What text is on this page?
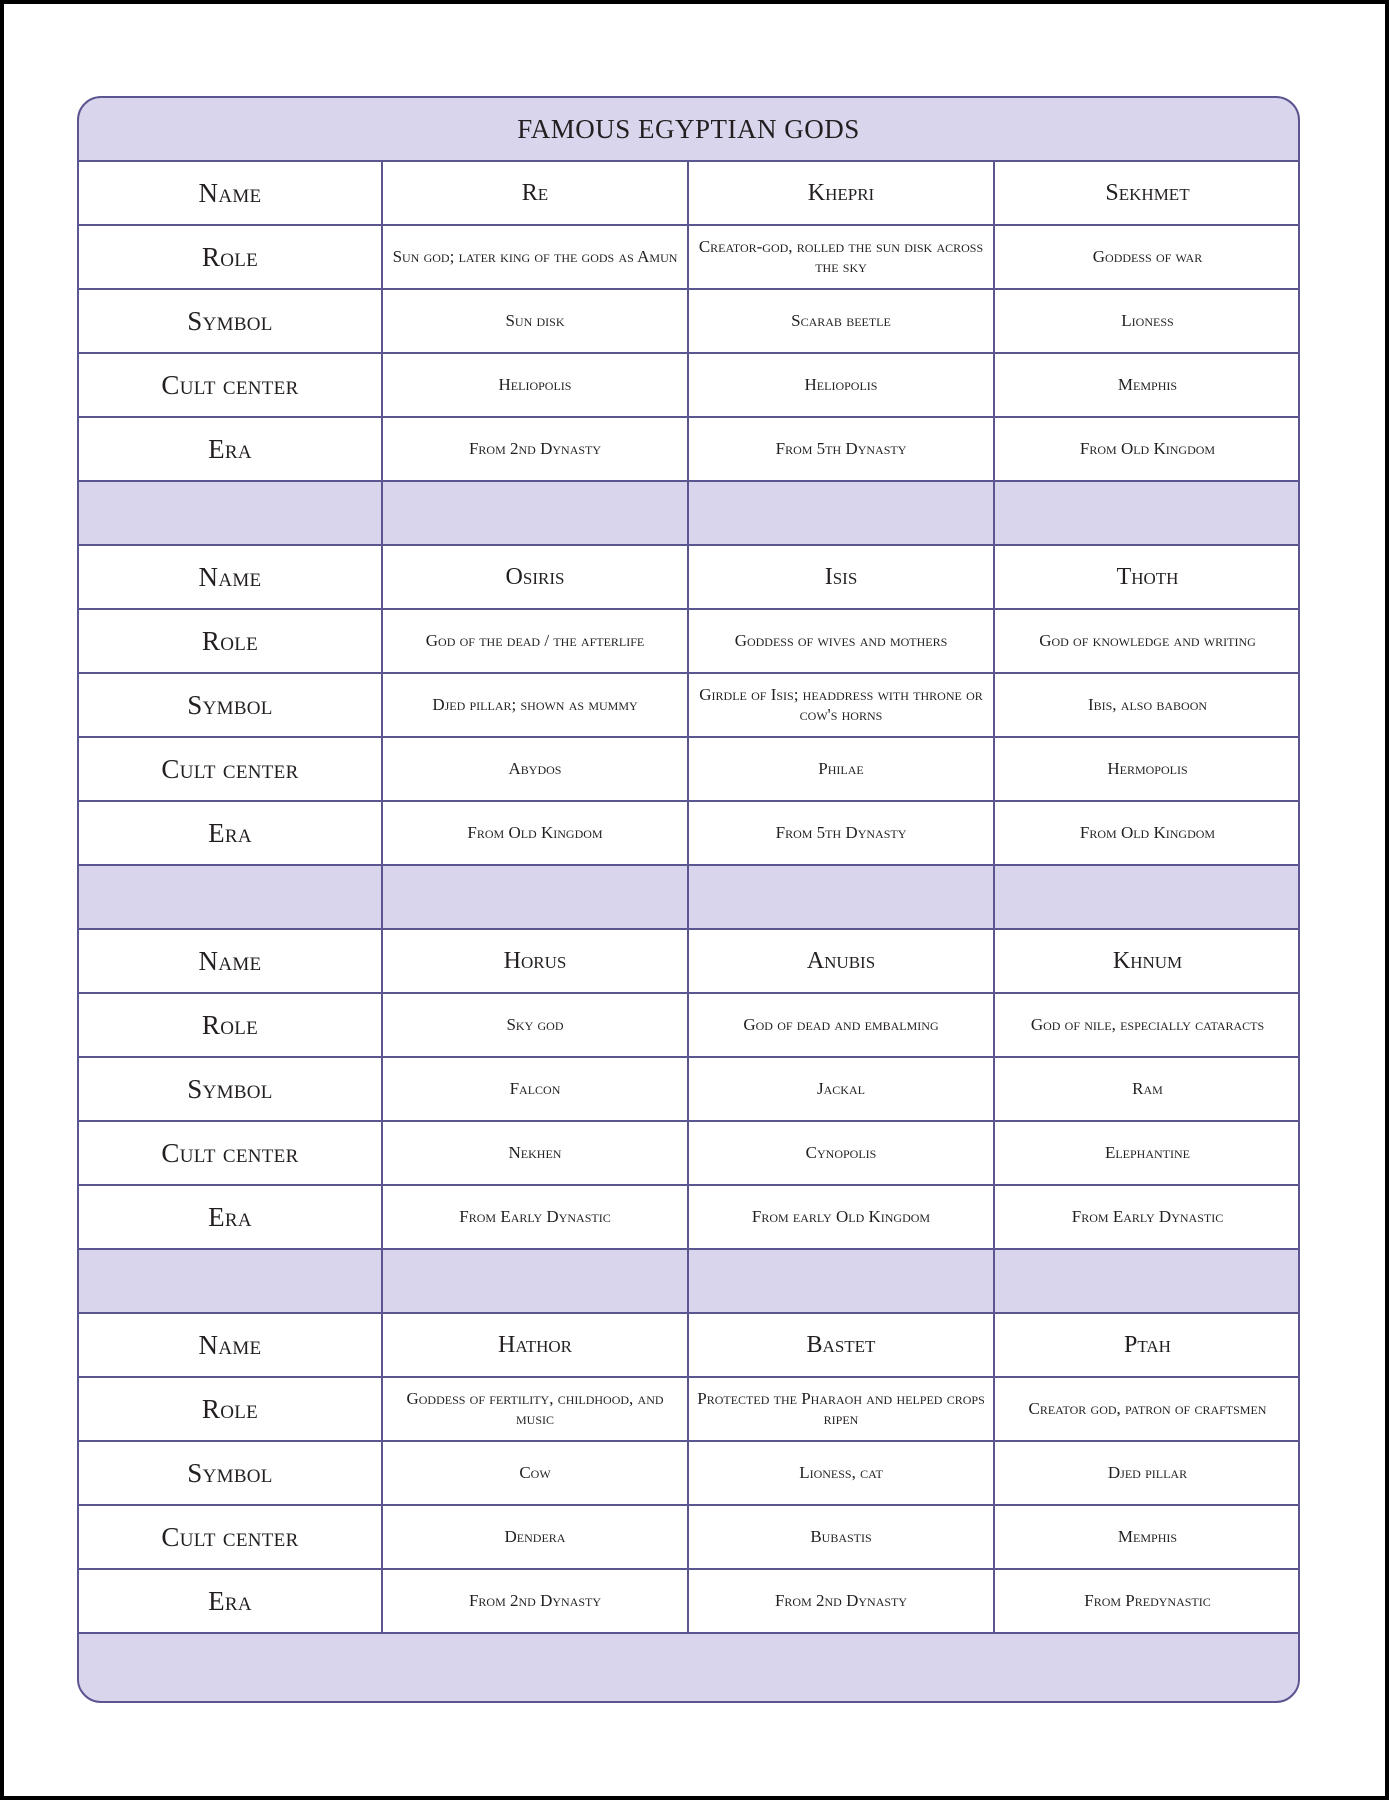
FAMOUS EGYPTIAN GODS
Name	Re	Khepri	Sekhmet
Role	Sun god; later king of the gods as Amun	Creator-god, rolled the sun disk across the sky	Goddess of war
Symbol	Sun disk	Scarab beetle	Lioness
Cult center	Heliopolis	Heliopolis	Memphis
Era	From 2nd Dynasty	From 5th Dynasty	From Old Kingdom

Name	Osiris	Isis	Thoth
Role	God of the dead / the afterlife	Goddess of wives and mothers	God of knowledge and writing
Symbol	Djed pillar; shown as mummy	Girdle of Isis; headdress with throne or cow's horns	Ibis, also baboon
Cult center	Abydos	Philae	Hermopolis
Era	From Old Kingdom	From 5th Dynasty	From Old Kingdom

Name	Horus	Anubis	Khnum
Role	Sky god	God of dead and embalming	God of nile, especially cataracts
Symbol	Falcon	Jackal	Ram
Cult center	Nekhen	Cynopolis	Elephantine
Era	From Early Dynastic	From early Old Kingdom	From Early Dynastic

Name	Hathor	Bastet	Ptah
Role	Goddess of fertility, childhood, and music	Protected the Pharaoh and helped crops ripen	Creator god, patron of craftsmen
Symbol	Cow	Lioness, cat	Djed pillar
Cult center	Dendera	Bubastis	Memphis
Era	From 2nd Dynasty	From 2nd Dynasty	From Predynastic
